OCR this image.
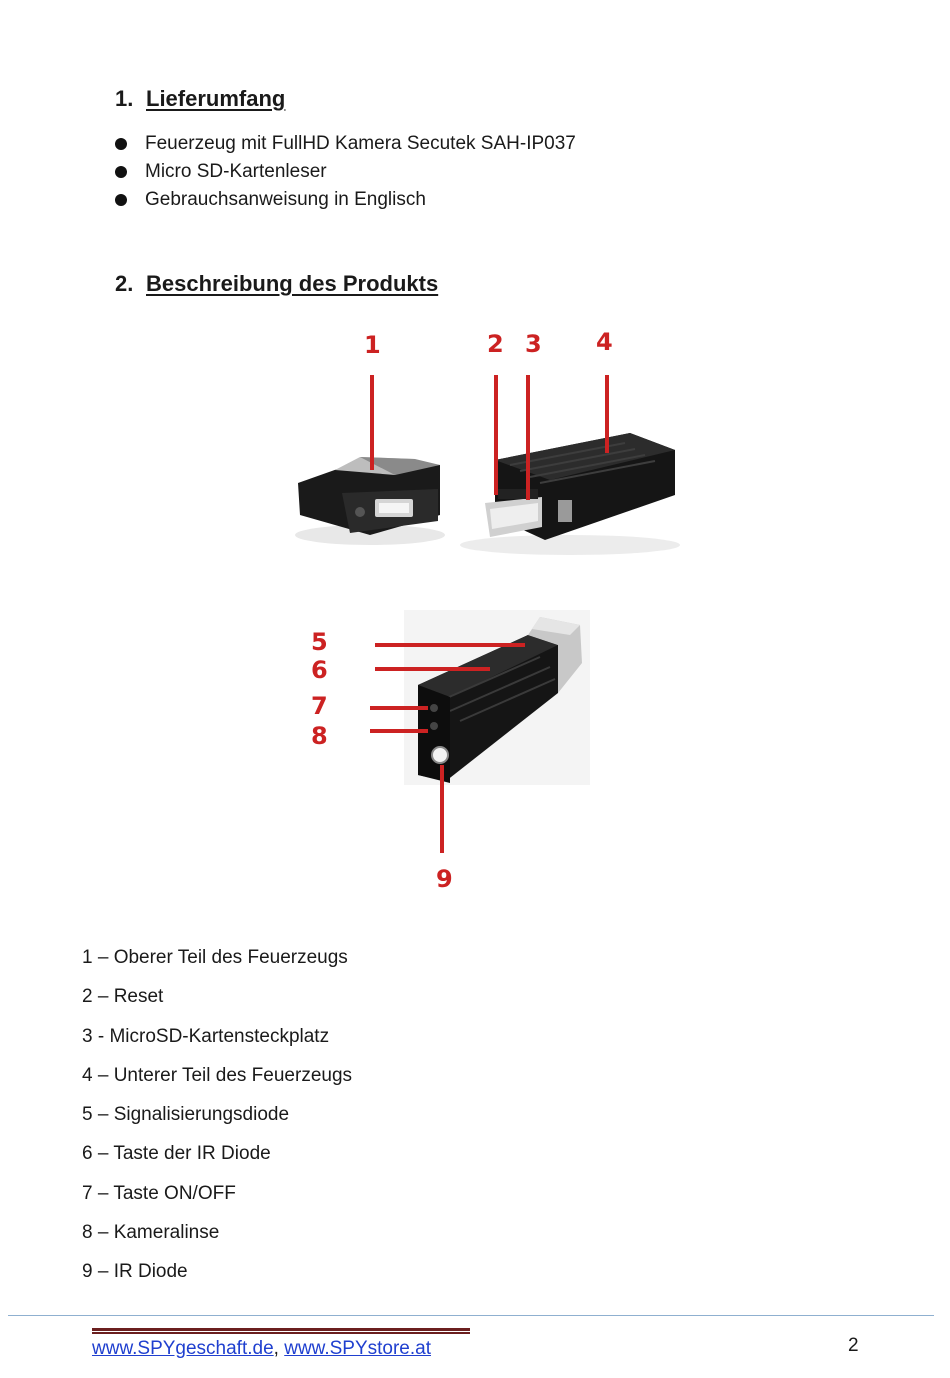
1. Lieferumfang
Feuerzeug mit FullHD Kamera Secutek SAH-IP037
Micro SD-Kartenleser
Gebrauchsanweisung in Englisch
2. Beschreibung des Produkts
1	2 3 4
5
6
7
8
9
1 – Oberer Teil des Feuerzeugs
2 – Reset
3 - MicroSD-Kartensteckplatz
4 – Unterer Teil des Feuerzeugs
5 – Signalisierungsdiode
6 – Taste der IR Diode
7 – Taste ON/OFF
8 – Kameralinse
9 – IR Diode
www.SPYgeschaft.de, www.SPYstore.at	2
